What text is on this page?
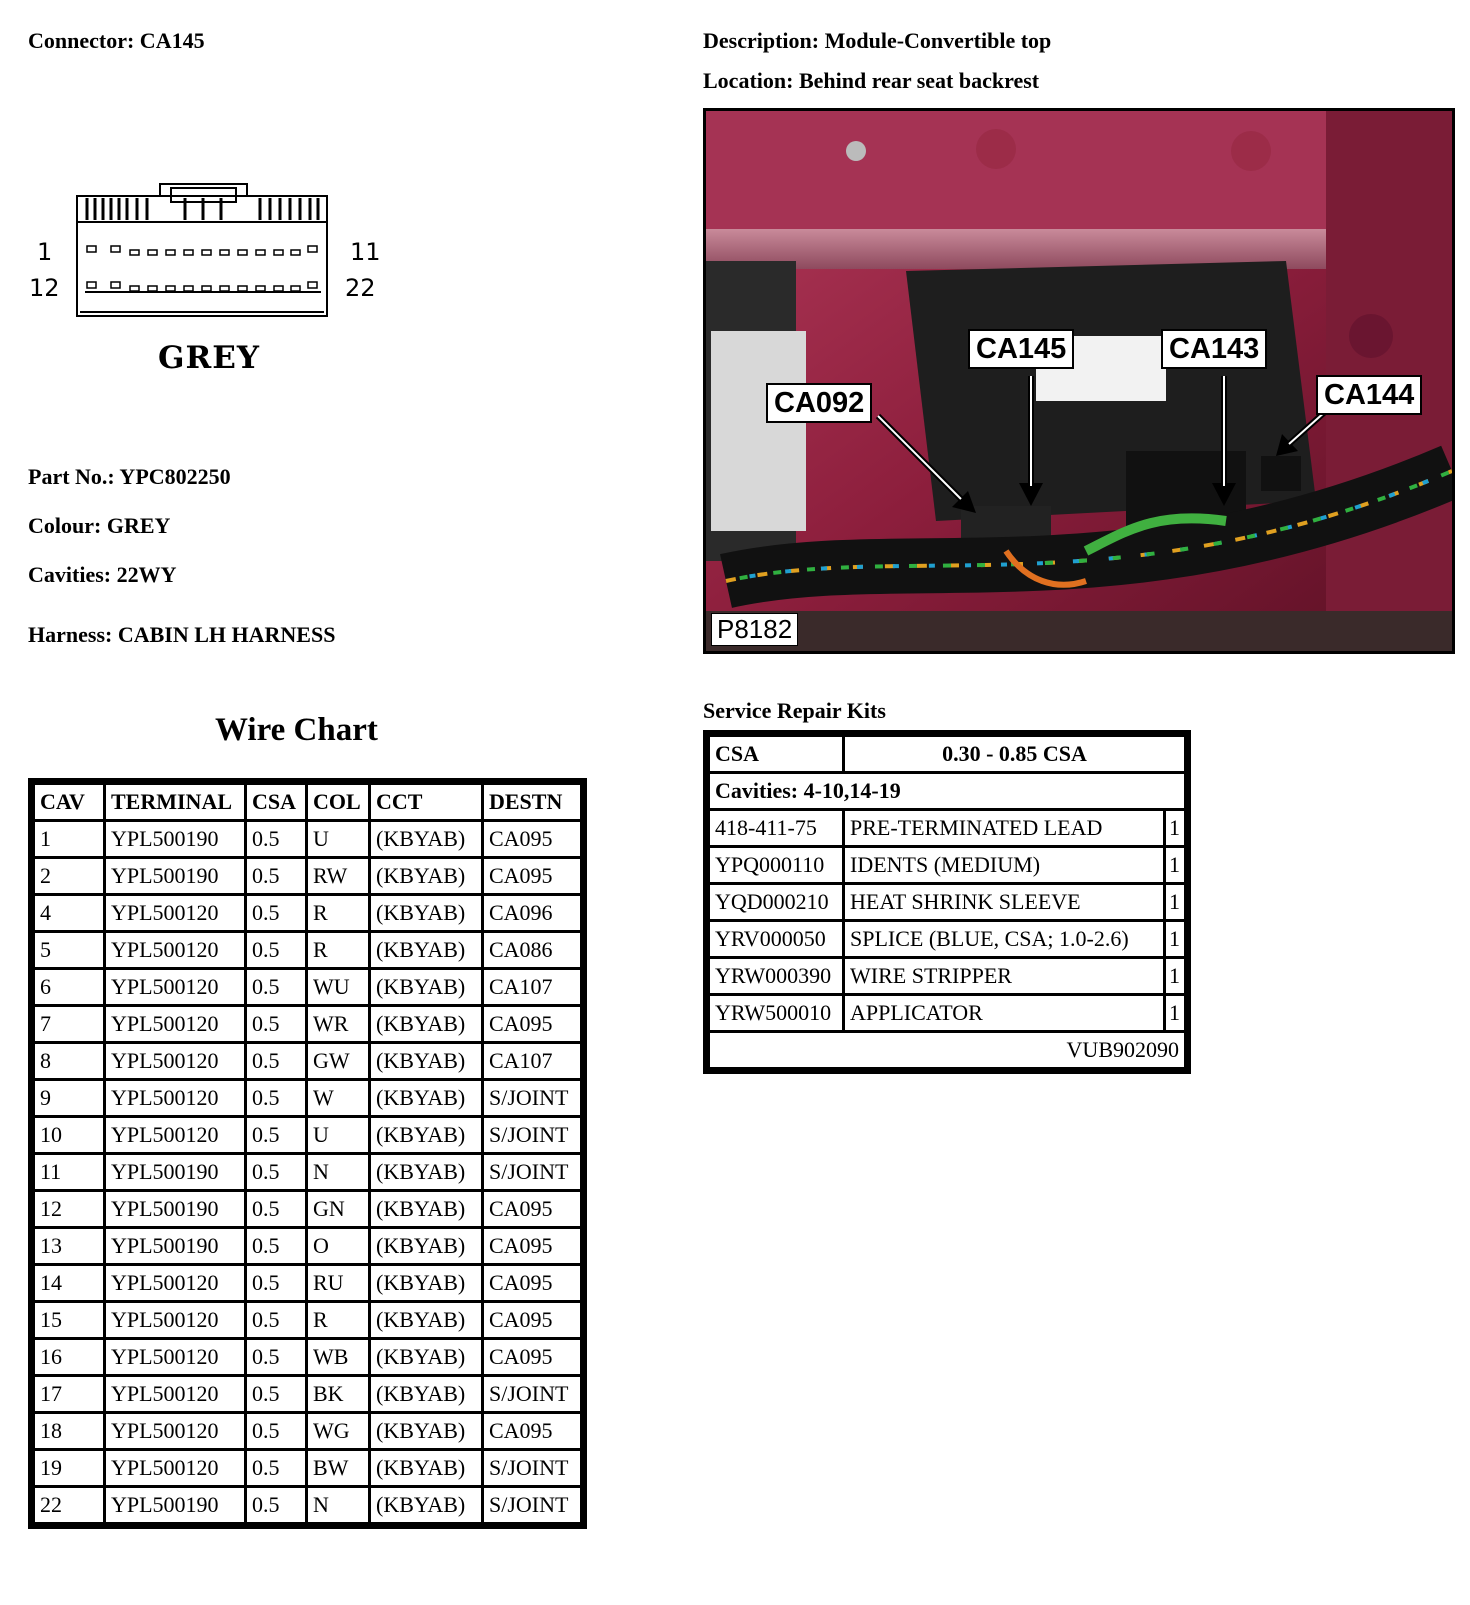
Connector: CA145	Description: Module-Convertible top
Location: Behind rear seat backrest
1	11
12	22
GREY
Part No.: YPC802250
Colour: GREY
Cavities: 22WY
Harness: CABIN LH HARNESS
CA145	CA143
CA092	CA144
P8182
Wire Chart
CAV	TERMINAL	CSA	COL	CCT	DESTN
1	YPL500190	0.5	U	(KBYAB)	CA095
2	YPL500190	0.5	RW	(KBYAB)	CA095
4	YPL500120	0.5	R	(KBYAB)	CA096
5	YPL500120	0.5	R	(KBYAB)	CA086
6	YPL500120	0.5	WU	(KBYAB)	CA107
7	YPL500120	0.5	WR	(KBYAB)	CA095
8	YPL500120	0.5	GW	(KBYAB)	CA107
9	YPL500120	0.5	W	(KBYAB)	S/JOINT
10	YPL500120	0.5	U	(KBYAB)	S/JOINT
11	YPL500190	0.5	N	(KBYAB)	S/JOINT
12	YPL500190	0.5	GN	(KBYAB)	CA095
13	YPL500190	0.5	O	(KBYAB)	CA095
14	YPL500120	0.5	RU	(KBYAB)	CA095
15	YPL500120	0.5	R	(KBYAB)	CA095
16	YPL500120	0.5	WB	(KBYAB)	CA095
17	YPL500120	0.5	BK	(KBYAB)	S/JOINT
18	YPL500120	0.5	WG	(KBYAB)	CA095
19	YPL500120	0.5	BW	(KBYAB)	S/JOINT
22	YPL500190	0.5	N	(KBYAB)	S/JOINT
Service Repair Kits
CSA	0.30 - 0.85 CSA	
Cavities: 4-10,14-19		
418-411-75	PRE-TERMINATED LEAD	1
YPQ000110	IDENTS (MEDIUM)	1
YQD000210	HEAT SHRINK SLEEVE	1
YRV000050	SPLICE (BLUE, CSA; 1.0-2.6)	1
YRW000390	WIRE STRIPPER	1
YRW500010	APPLICATOR	1
VUB902090		
